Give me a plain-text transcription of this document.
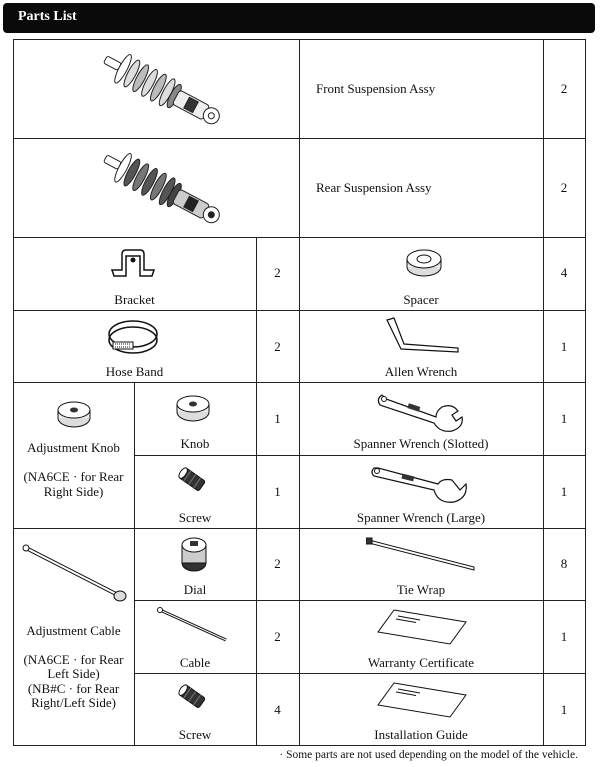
Parts List
Front Suspension Assy	2
Rear Suspension Assy	2
Bracket
2
Spacer
4
Hose Band
2
Allen Wrench
1
Adjustment Knob
(NA6CE · for Rear
Right Side)
Knob
1
Screw
1
Spanner Wrench (Slotted)
1
Spanner Wrench (Large)
1
Adjustment Cable
(NA6CE · for Rear
Left Side)
(NB#C · for Rear
Right/Left Side)
Dial
2
Cable
2
Screw
4
Tie Wrap
8
Warranty Certificate
1
Installation Guide
1
· Some parts are not used depending on the model of the vehicle.
